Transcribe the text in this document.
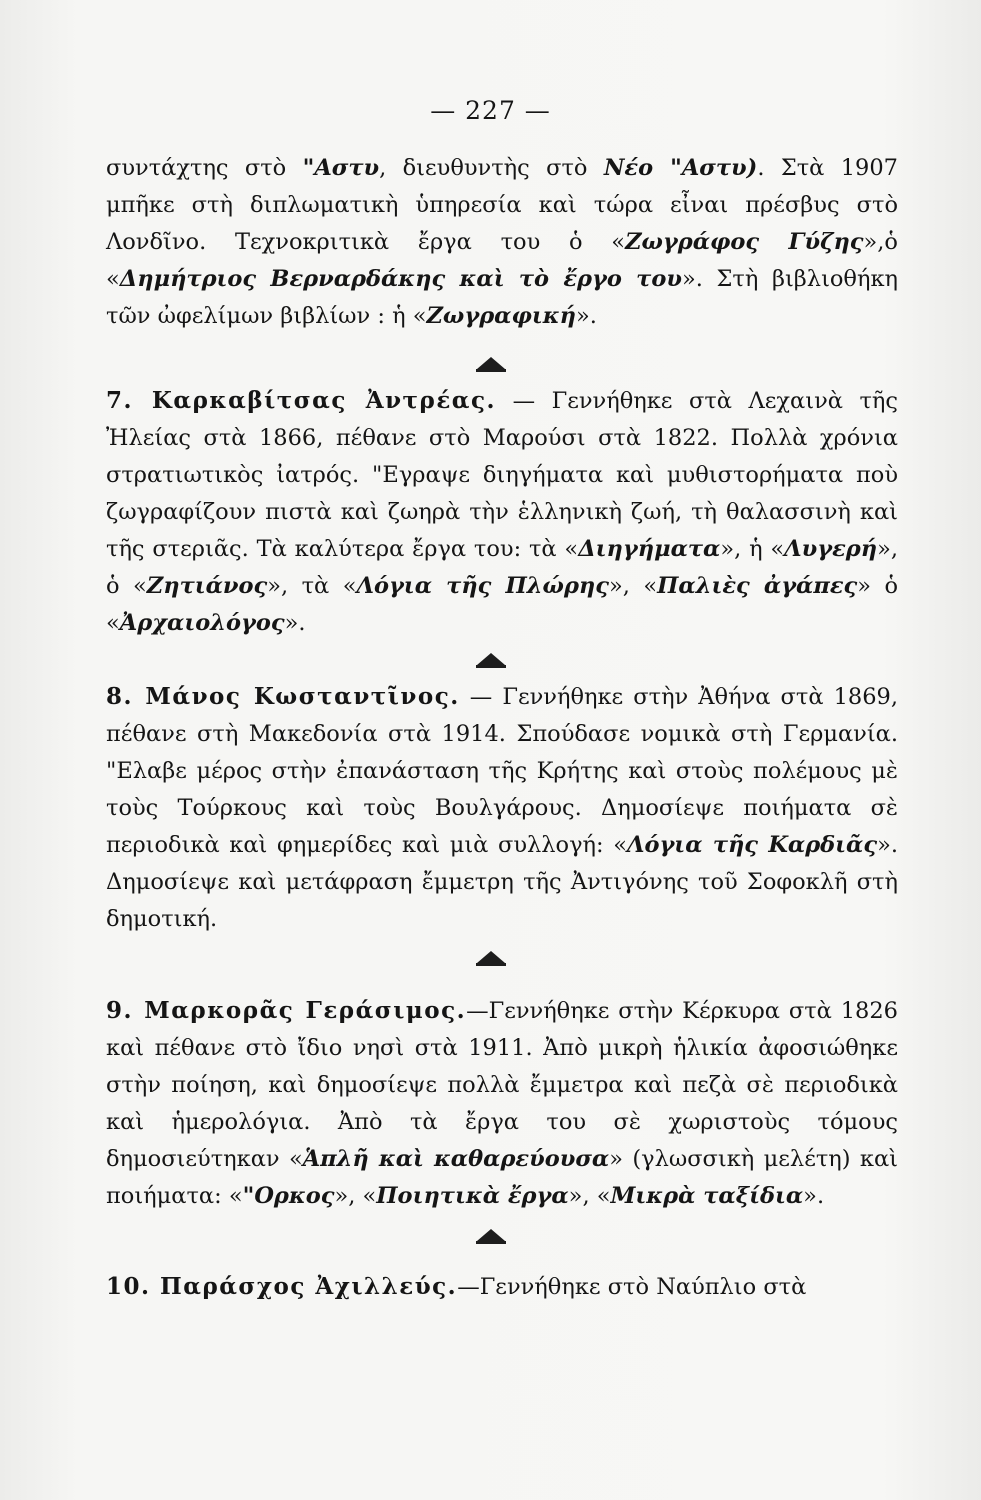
— 227 —

συντάχτης στὸ "Αστυ, διευθυντὴς στὸ Νέο "Αστυ). Στὰ 1907 μπῆκε στὴ διπλωματικὴ ὑπηρεσία καὶ τώρα εἶναι πρέσβυς στὸ Λονδῖνο. Τεχνοκριτικὰ ἔργα του ὁ «Ζωγράφος Γύζης»,ὁ «Δημήτριος Βερναρδάκης καὶ τὸ ἔργο του». Στὴ βιβλιοθήκη τῶν ὠφελίμων βιβλίων : ἡ «Ζωγραφική».

7. Καρκαβίτσας Ἀντρέας. — Γεννήθηκε στὰ Λεχαινὰ τῆς Ἠλείας στὰ 1866, πέθανε στὸ Μαρούσι στὰ 1822. Πολλὰ χρόνια στρατιωτικὸς ἰατρός. "Εγραψε διηγήματα καὶ μυθιστορήματα ποὺ ζωγραφίζουν πιστὰ καὶ ζωηρὰ τὴν ἑλληνικὴ ζωή, τὴ θαλασσινὴ καὶ τῆς στεριᾶς. Τὰ καλύτερα ἔργα του: τὰ «Διηγήματα», ἡ «Λυγερή», ὁ «Ζητιάνος», τὰ «Λόγια τῆς Πλώρης», «Παλιὲς ἀγάπες» ὁ «Ἀρχαιολόγος».

8. Μάνος Κωσταντῖνος. — Γεννήθηκε στὴν Ἀθήνα στὰ 1869, πέθανε στὴ Μακεδονία στὰ 1914. Σπούδασε νομικὰ στὴ Γερμανία. "Ελαβε μέρος στὴν ἐπανάσταση τῆς Κρήτης καὶ στοὺς πολέμους μὲ τοὺς Τούρκους καὶ τοὺς Βουλγάρους. Δημοσίεψε ποιήματα σὲ περιοδικὰ καὶ φημερίδες καὶ μιὰ συλλογή: «Λόγια τῆς Καρδιᾶς». Δημοσίεψε καὶ μετάφραση ἔμμετρη τῆς Ἀντιγόνης τοῦ Σοφοκλῆ στὴ δημοτική.

9. Μαρκορᾶς Γεράσιμος.—Γεννήθηκε στὴν Κέρκυρα στὰ 1826 καὶ πέθανε στὸ ἴδιο νησὶ στὰ 1911. Ἀπὸ μικρὴ ἡλικία ἀφοσιώθηκε στὴν ποίηση, καὶ δημοσίεψε πολλὰ ἔμμετρα καὶ πεζὰ σὲ περιοδικὰ καὶ ἡμερολόγια. Ἀπὸ τὰ ἔργα του σὲ χωριστοὺς τόμους δημοσιεύτηκαν «Ἁπλῆ καὶ καθαρεύουσα» (γλωσσικὴ μελέτη) καὶ ποιήματα: «"Ορκος», «Ποιητικὰ ἔργα», «Μικρὰ ταξίδια».

10. Παράσχος Ἀχιλλεύς.—Γεννήθηκε στὸ Ναύπλιο στὰ
